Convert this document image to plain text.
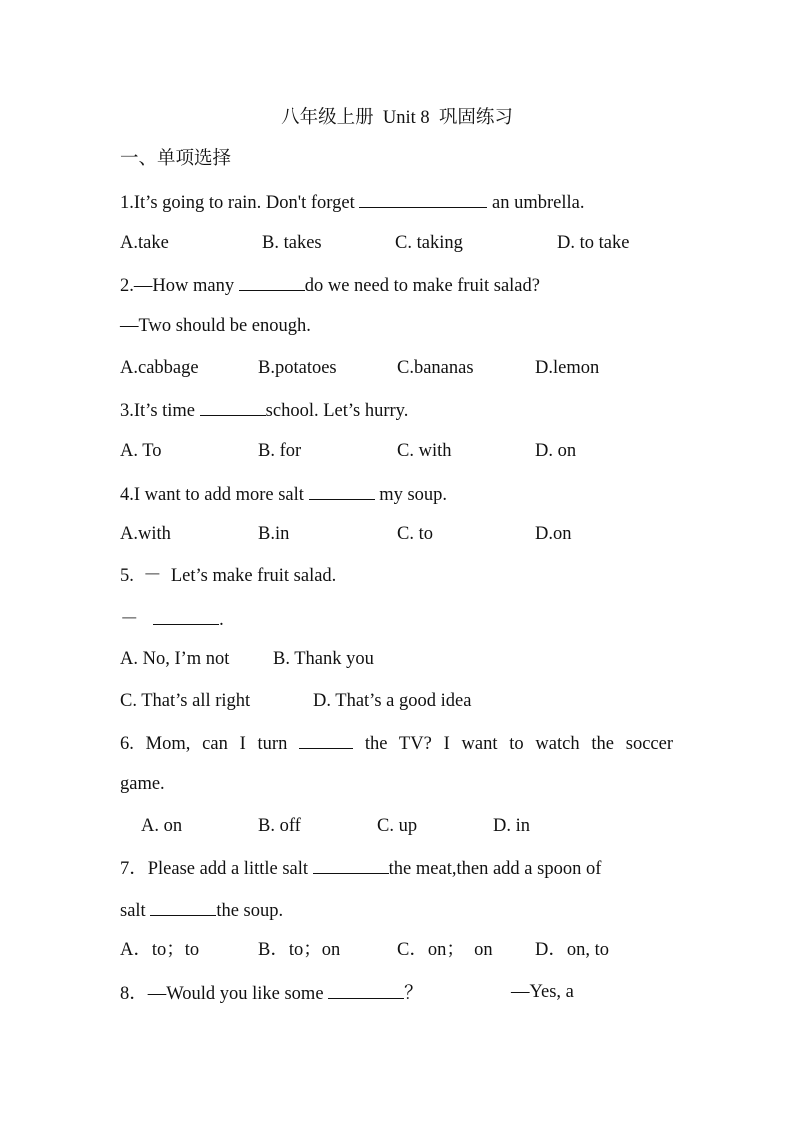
八年级上册  Unit 8  巩固练习
一、单项选择
1.It’s going to rain. Don't forget	an umbrella.
A.take	B. takes	C. taking	D. to take
2.—How many	do we need to make fruit salad?
—Two should be enough.
A.cabbage	B.potatoes	C.bananas	D.lemon
3.It’s time	school. Let’s hurry.
A. To	B. for	C. with	D. on
4.I want to add more salt	my soup.
A.with	B.in	C. to	D.on
5.  －  Let’s make fruit salad.
－	.
A. No, I’m not B. Thank you
C. That’s all right	D. That’s a good idea
6. Mom, can I turn	the TV? I want to watch the soccer
game.
A. on	B. off	C. up	D. in
7．Please add a little salt	the meat,then add a spoon of
salt	the soup.
A．to；to	B．to；on	C．on；  on D．on, to
8．—Would you like some	？	—Yes, a
